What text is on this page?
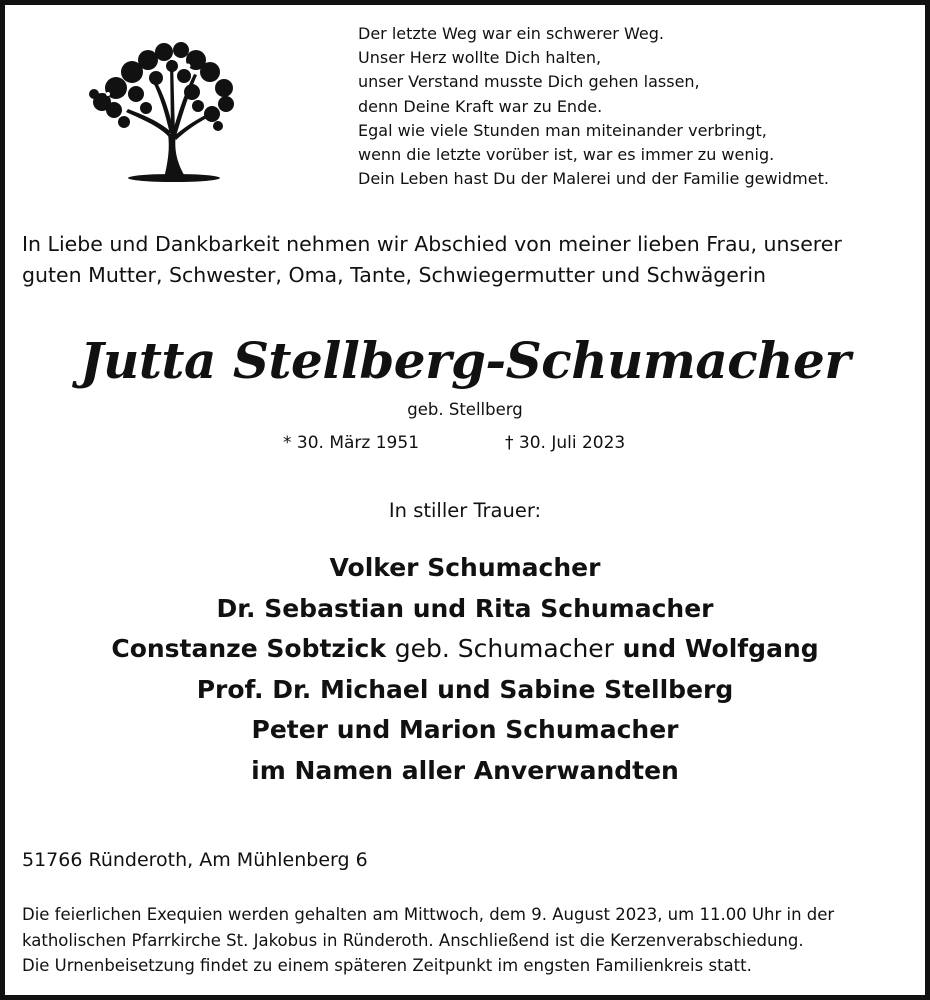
Der letzte Weg war ein schwerer Weg.
Unser Herz wollte Dich halten,
unser Verstand musste Dich gehen lassen,
denn Deine Kraft war zu Ende.
Egal wie viele Stunden man miteinander verbringt,
wenn die letzte vorüber ist, war es immer zu wenig.
Dein Leben hast Du der Malerei und der Familie gewidmet.
In Liebe und Dankbarkeit nehmen wir Abschied von meiner lieben Frau, unserer
guten Mutter, Schwester, Oma, Tante, Schwiegermutter und Schwägerin
Jutta Stellberg-Schumacher
geb. Stellberg
* 30. März 1951	† 30. Juli 2023
In stiller Trauer:
Volker Schumacher
Dr. Sebastian und Rita Schumacher
Constanze Sobtzick geb. Schumacher und Wolfgang
Prof. Dr. Michael und Sabine Stellberg
Peter und Marion Schumacher
im Namen aller Anverwandten
51766 Ründeroth, Am Mühlenberg 6
Die feierlichen Exequien werden gehalten am Mittwoch, dem 9. August 2023, um 11.00 Uhr in der
katholischen Pfarrkirche St. Jakobus in Ründeroth. Anschließend ist die Kerzenverabschiedung.
Die Urnenbeisetzung findet zu einem späteren Zeitpunkt im engsten Familienkreis statt.
